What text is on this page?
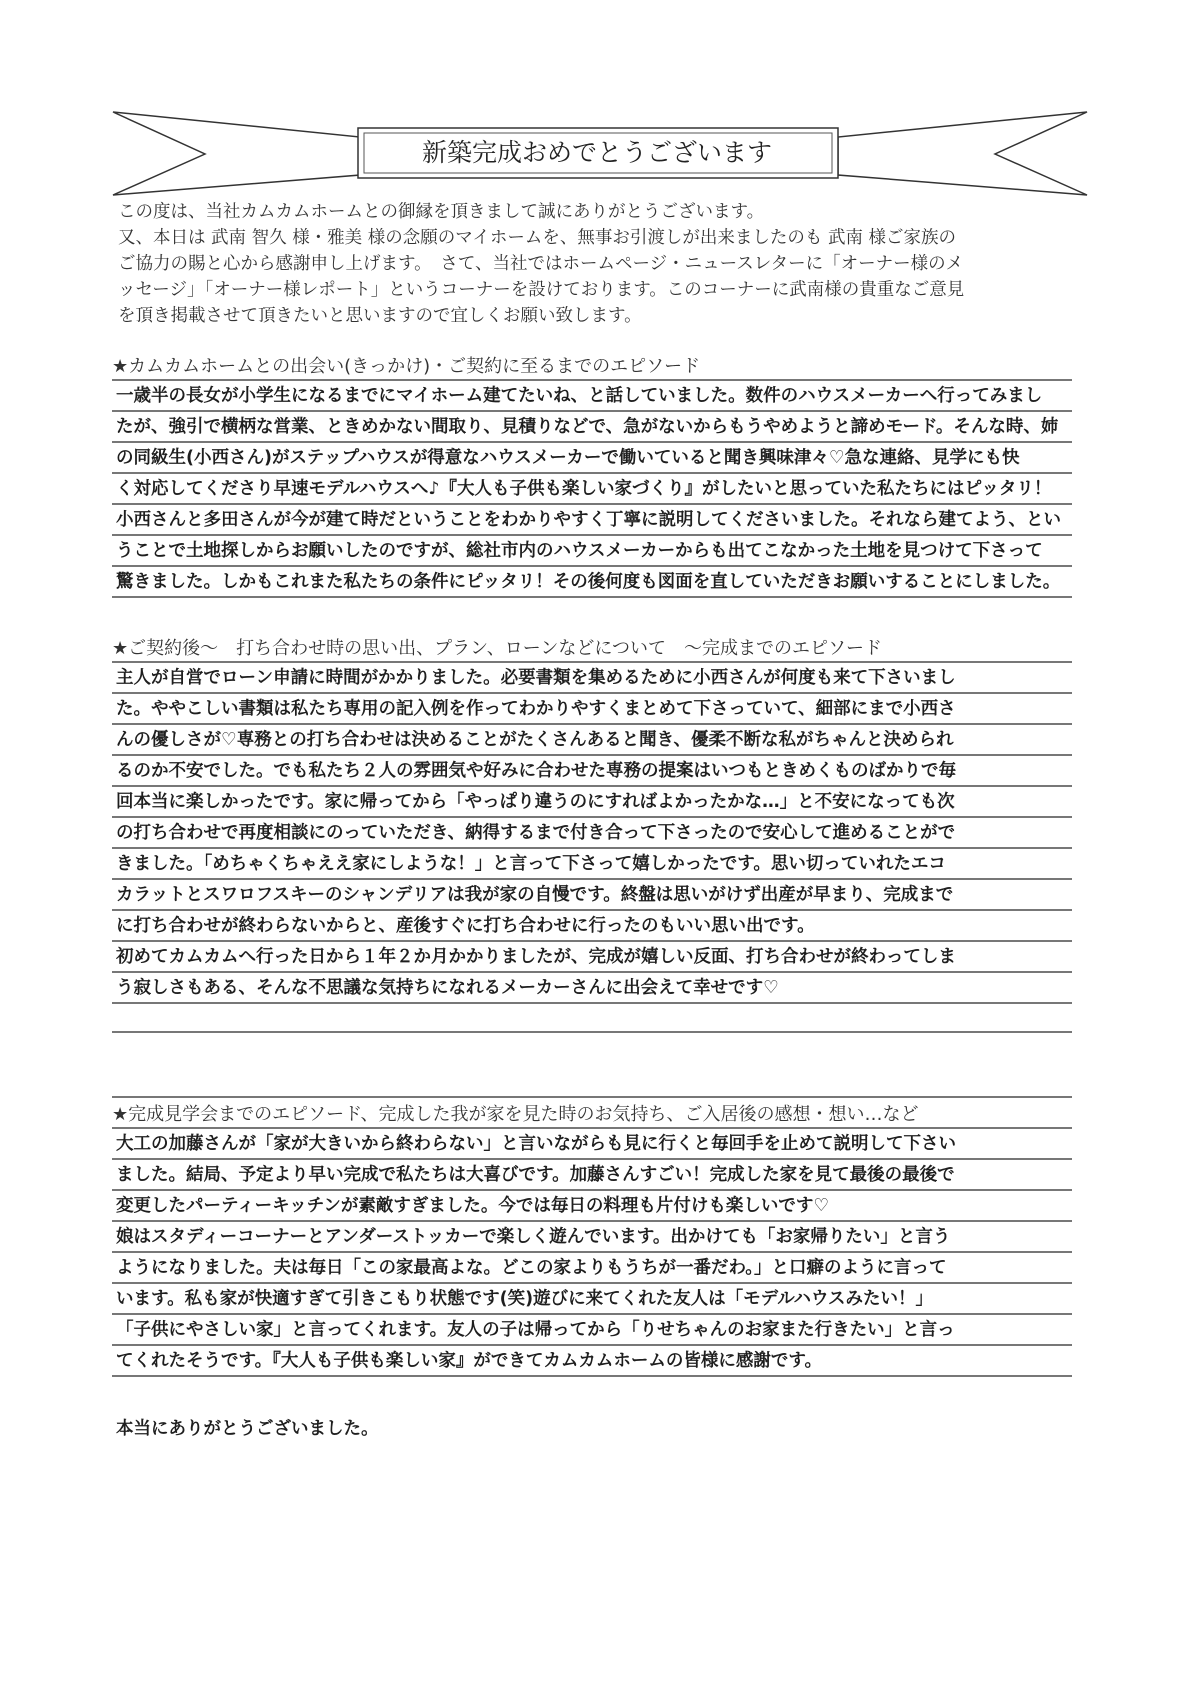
新築完成おめでとうございます
この度は、当社カムカムホームとの御縁を頂きまして誠にありがとうございます。
又、本日は 武南 智久 様・雅美 様の念願のマイホームを、無事お引渡しが出来ましたのも 武南 様ご家族の
ご協力の賜と心から感謝申し上げます。　さて、当社ではホームページ・ニュースレターに「オーナー様のメ
ッセージ」「オーナー様レポート」というコーナーを設けております。このコーナーに武南様の貴重なご意見
を頂き掲載させて頂きたいと思いますので宜しくお願い致します。
★カムカムホームとの出会い(きっかけ)・ご契約に至るまでのエピソード
一歳半の長女が小学生になるまでにマイホーム建てたいね、と話していました。数件のハウスメーカーへ行ってみまし
たが、強引で横柄な営業、ときめかない間取り、見積りなどで、急がないからもうやめようと諦めモード。そんな時、姉
の同級生(小西さん)がステップハウスが得意なハウスメーカーで働いていると聞き興味津々♡急な連絡、見学にも快
く対応してくださり早速モデルハウスへ♪『大人も子供も楽しい家づくり』がしたいと思っていた私たちにはピッタリ！
小西さんと多田さんが今が建て時だということをわかりやすく丁寧に説明してくださいました。それなら建てよう、とい
うことで土地探しからお願いしたのですが、総社市内のハウスメーカーからも出てこなかった土地を見つけて下さって
驚きました。しかもこれまた私たちの条件にピッタリ！その後何度も図面を直していただきお願いすることにしました。
★ご契約後～　打ち合わせ時の思い出、プラン、ローンなどについて　～完成までのエピソード
主人が自営でローン申請に時間がかかりました。必要書類を集めるために小西さんが何度も来て下さいまし
た。ややこしい書類は私たち専用の記入例を作ってわかりやすくまとめて下さっていて、細部にまで小西さ
んの優しさが♡専務との打ち合わせは決めることがたくさんあると聞き、優柔不断な私がちゃんと決められ
るのか不安でした。でも私たち２人の雰囲気や好みに合わせた専務の提案はいつもときめくものばかりで毎
回本当に楽しかったです。家に帰ってから「やっぱり違うのにすればよかったかな…」と不安になっても次
の打ち合わせで再度相談にのっていただき、納得するまで付き合って下さったので安心して進めることがで
きました。「めちゃくちゃええ家にしような！」と言って下さって嬉しかったです。思い切っていれたエコ
カラットとスワロフスキーのシャンデリアは我が家の自慢です。終盤は思いがけず出産が早まり、完成まで
に打ち合わせが終わらないからと、産後すぐに打ち合わせに行ったのもいい思い出です。
初めてカムカムへ行った日から１年２か月かかりましたが、完成が嬉しい反面、打ち合わせが終わってしま
う寂しさもある、そんな不思議な気持ちになれるメーカーさんに出会えて幸せです♡
★完成見学会までのエピソード、完成した我が家を見た時のお気持ち、ご入居後の感想・想い…など
大工の加藤さんが「家が大きいから終わらない」と言いながらも見に行くと毎回手を止めて説明して下さい
ました。結局、予定より早い完成で私たちは大喜びです。加藤さんすごい！完成した家を見て最後の最後で
変更したパーティーキッチンが素敵すぎました。今では毎日の料理も片付けも楽しいです♡
娘はスタディーコーナーとアンダーストッカーで楽しく遊んでいます。出かけても「お家帰りたい」と言う
ようになりました。夫は毎日「この家最高よな。どこの家よりもうちが一番だわ。」と口癖のように言って
います。私も家が快適すぎて引きこもり状態です(笑)遊びに来てくれた友人は「モデルハウスみたい！」
「子供にやさしい家」と言ってくれます。友人の子は帰ってから「りせちゃんのお家また行きたい」と言っ
てくれたそうです。『大人も子供も楽しい家』ができてカムカムホームの皆様に感謝です。
本当にありがとうございました。
